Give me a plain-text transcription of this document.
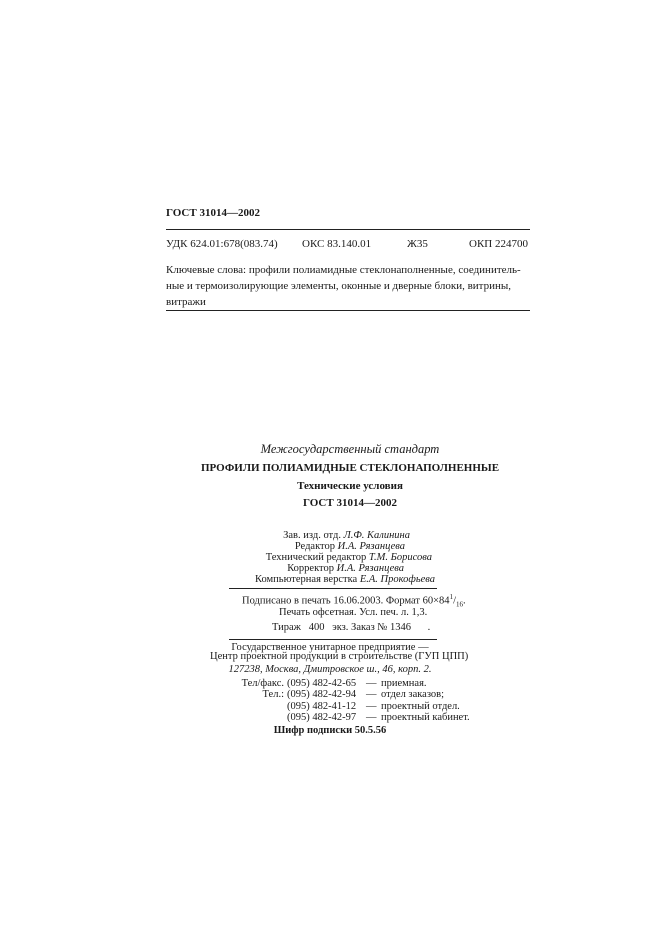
ГОСТ 31014—2002
УДК 624.01:678(083.74) ОКС 83.140.01	Ж35	ОКП 224700
Ключевые слова: профили полиамидные стеклонаполненные, соединитель-
ные и термоизолирующие элементы, оконные и дверные блоки, витрины,
витражи
Межгосударственный стандарт
ПРОФИЛИ ПОЛИАМИДНЫЕ СТЕКЛОНАПОЛНЕННЫЕ
Технические условия
ГОСТ 31014—2002
Зав. изд. отд. Л.Ф. Калинина
Редактор И.А. Рязанцева
Технический редактор Т.М. Борисова
Корректор И.А. Рязанцева
Компьютерная верстка Е.А. Прокофьева
Подписано в печать 16.06.2003. Формат $60\times 84^1/_{16}$.
Печать офсетная. Усл. печ. л. 1,3.
Тираж 400 экз. Заказ № 1346 .
Государственное унитарное предприятие —
Центр проектной продукции в строительстве (ГУП ЦПП)
127238, Москва, Дмитровское ш., 46, корп. 2.
Тел/факс. (095) 482-42-65 — приемная.
Тел.: (095) 482-42-94 — отдел заказов;
(095) 482-41-12 — проектный отдел.
(095) 482-42-97 — проектный кабинет.
Шифр подписки 50.5.56
